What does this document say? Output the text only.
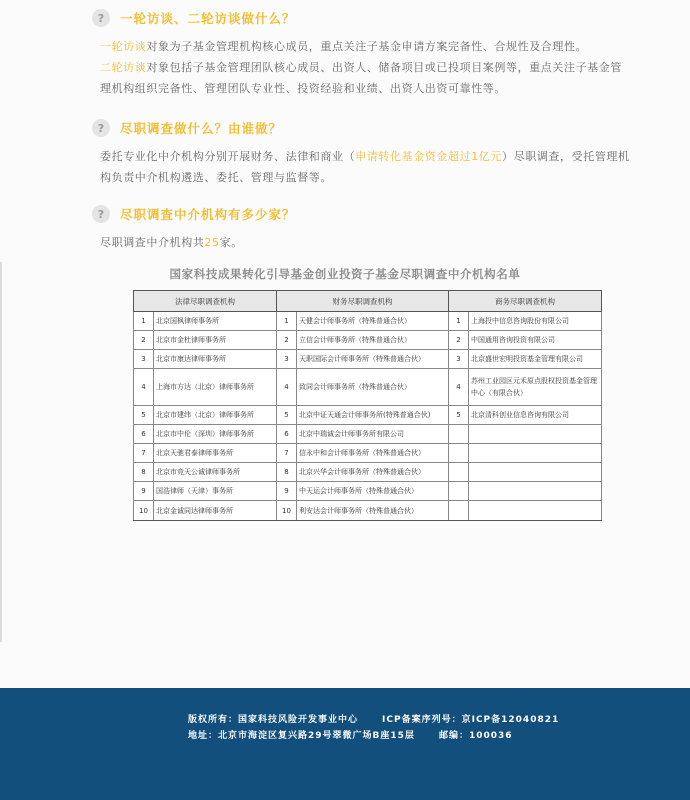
?	一轮访谈、二轮访谈做什么？
一轮访谈对象为子基金管理机构核心成员，重点关注子基金申请方案完备性、合规性及合理性。
二轮访谈对象包括子基金管理团队核心成员、出资人、储备项目或已投项目案例等，重点关注子基金管理机构组织完备性、管理团队专业性、投资经验和业绩、出资人出资可靠性等。
?	尽职调查做什么？由谁做？
委托专业化中介机构分别开展财务、法律和商业（申请转化基金资金超过1亿元）尽职调查，受托管理机构负责中介机构遴选、委托、管理与监督等。
?	尽职调查中介机构有多少家？
尽职调查中介机构共25家。
国家科技成果转化引导基金创业投资子基金尽职调查中介机构名单
法律尽职调查机构		财务尽职调查机构		商务尽职调查机构	
1	北京国枫律师事务所	1	天健会计师事务所（特殊普通合伙）	1	上海投中信息咨询股份有限公司
2	北京市金杜律师事务所	2	立信会计师事务所（特殊普通合伙）	2	中国通用咨询投资有限公司
3	北京市康达律师事务所	3	天职国际会计师事务所（特殊普通合伙）	3	北京盛世宏明投资基金管理有限公司
4	上海市方达（北京）律师事务所	4	致同会计师事务所（特殊普通合伙）	4	苏州工业园区元禾原点股权投资基金管理中心（有限合伙）
5	北京市建纬（北京）律师事务所	5	北京中证天通会计师事务所(特殊普通合伙)	5	北京清科创业信息咨询有限公司
6	北京市中伦（深圳）律师事务所	6	北京中瑞诚会计师事务所有限公司		
7	北京天驰君泰律师事务所	7	信永中和会计师事务所（特殊普通合伙）		
8	北京市竞天公诚律师事务所	8	北京兴华会计师事务所（特殊普通合伙）		
9	国浩律师（天津）事务所	9	中天运会计师事务所（特殊普通合伙）		
10	北京金诚同达律师事务所	10	利安达会计师事务所（特殊普通合伙）		
版权所有：国家科技风险开发事业中心	ICP备案序列号：京ICP备12040821
地址：北京市海淀区复兴路29号翠微广场B座15层	邮编：100036
